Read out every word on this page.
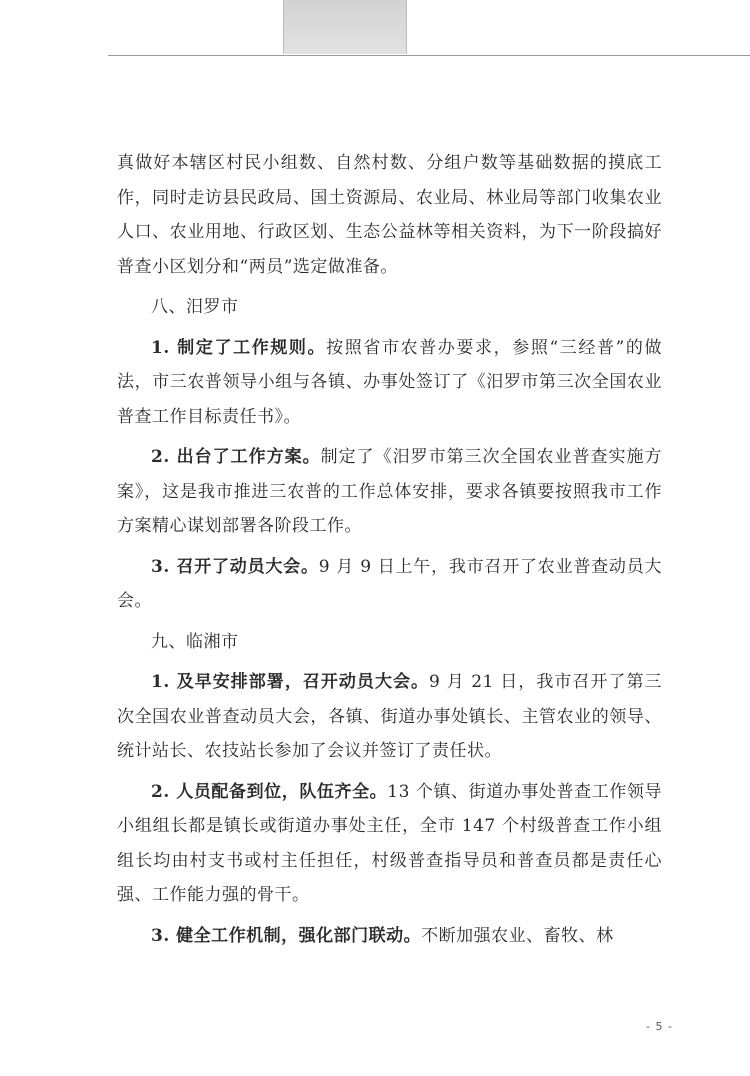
真做好本辖区村民小组数、自然村数、分组户数等基础数据的摸底工作，同时走访县民政局、国土资源局、农业局、林业局等部门收集农业人口、农业用地、行政区划、生态公益林等相关资料，为下一阶段搞好普查小区划分和“两员”选定做准备。

八、汨罗市

1. 制定了工作规则。按照省市农普办要求，参照“三经普”的做法，市三农普领导小组与各镇、办事处签订了《汨罗市第三次全国农业普查工作目标责任书》。

2. 出台了工作方案。制定了《汨罗市第三次全国农业普查实施方案》，这是我市推进三农普的工作总体安排，要求各镇要按照我市工作方案精心谋划部署各阶段工作。

3. 召开了动员大会。9 月 9 日上午，我市召开了农业普查动员大会。

九、临湘市

1. 及早安排部署，召开动员大会。9 月 21 日，我市召开了第三次全国农业普查动员大会，各镇、街道办事处镇长、主管农业的领导、统计站长、农技站长参加了会议并签订了责任状。

2. 人员配备到位，队伍齐全。13 个镇、街道办事处普查工作领导小组组长都是镇长或街道办事处主任，全市 147 个村级普查工作小组组长均由村支书或村主任担任，村级普查指导员和普查员都是责任心强、工作能力强的骨干。

3. 健全工作机制，强化部门联动。不断加强农业、畜牧、林

- 5 -
